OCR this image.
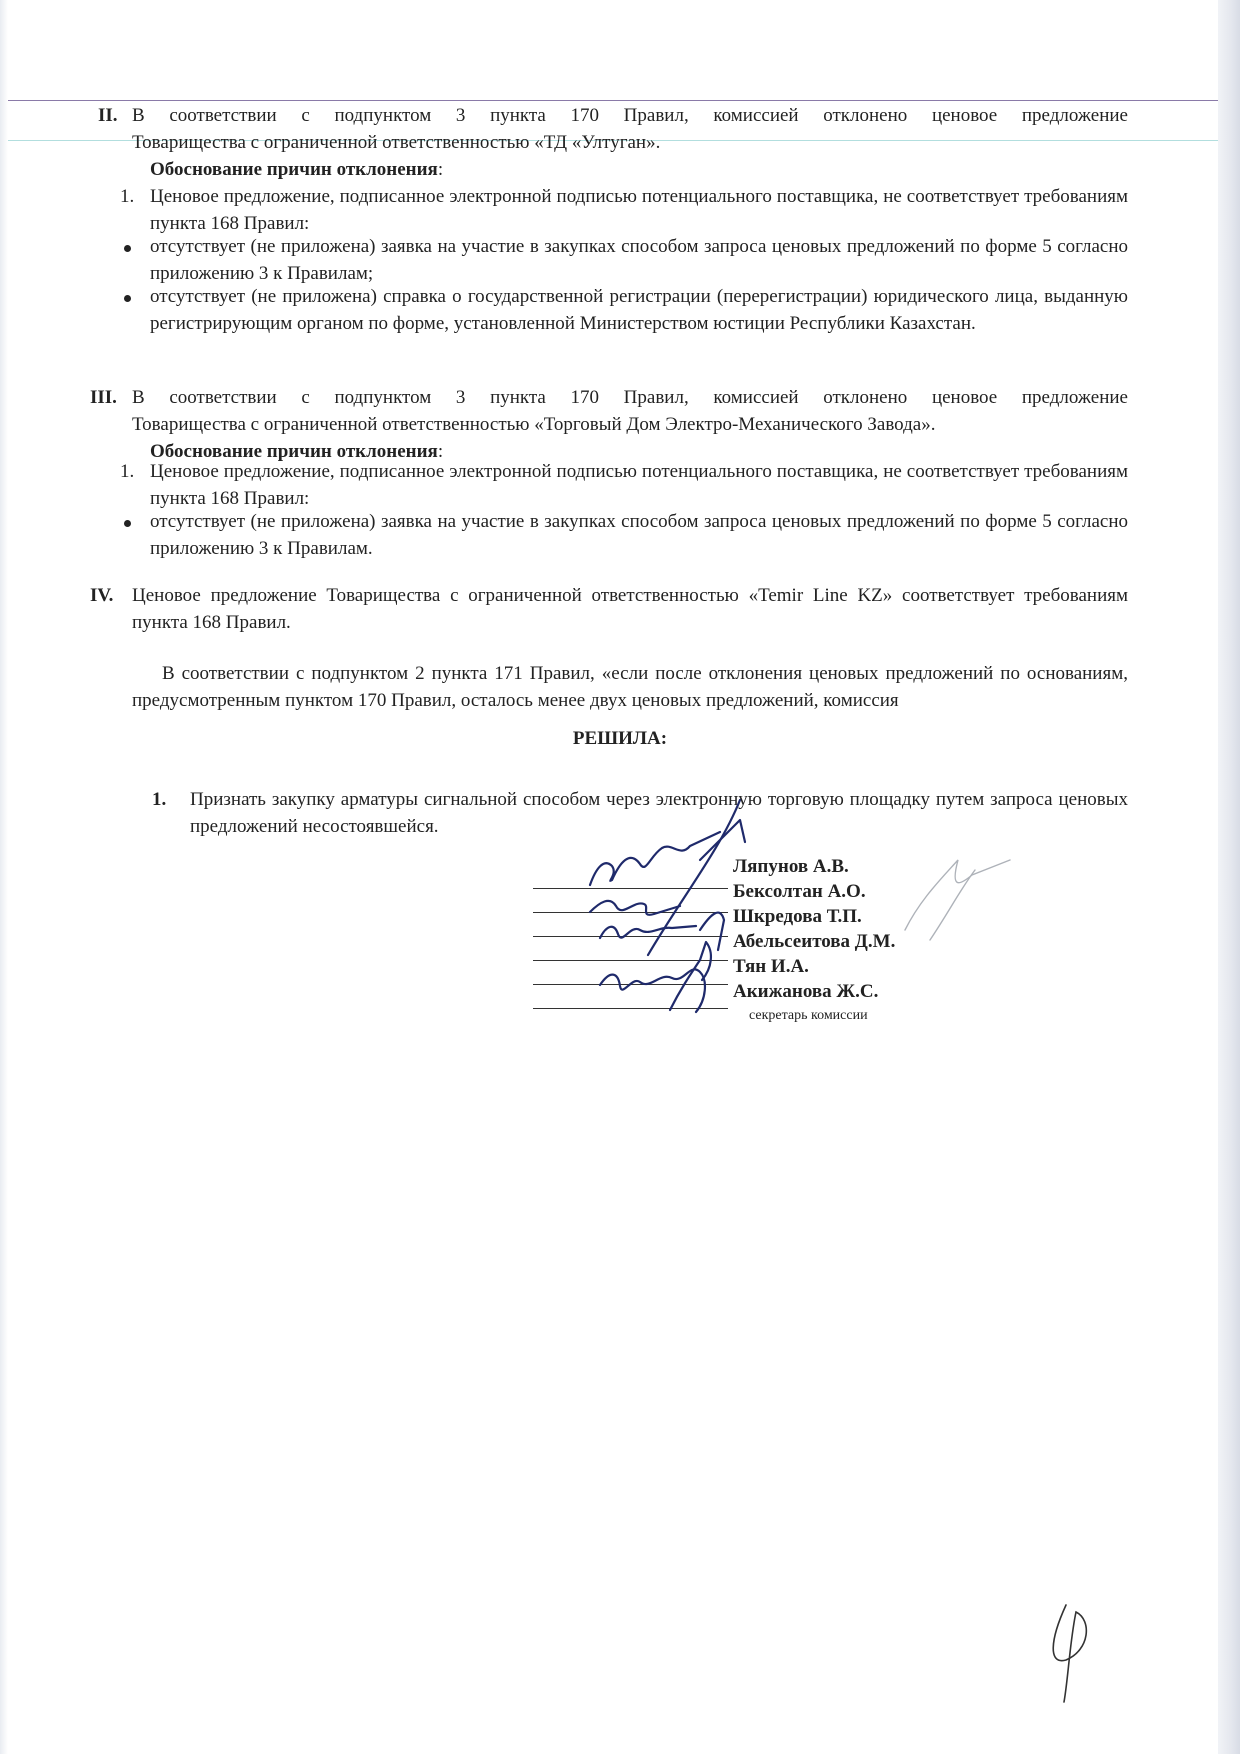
II. В соответствии с подпунктом 3 пункта 170 Правил, комиссией отклонено ценовое предложение
Товарищества с ограниченной ответственностью «ТД «Ултуган».
Обоснование причин отклонения:
1. Ценовое предложение, подписанное электронной подписью потенциального поставщика, не соответствует требованиям пункта 168 Правил:
отсутствует (не приложена) заявка на участие в закупках способом запроса ценовых предложений по форме 5 согласно приложению 3 к Правилам;
отсутствует (не приложена) справка о государственной регистрации (перерегистрации) юридического лица, выданную регистрирующим органом по форме, установленной Министерством юстиции Республики Казахстан.
III. В соответствии с подпунктом 3 пункта 170 Правил, комиссией отклонено ценовое предложение
Товарищества с ограниченной ответственностью «Торговый Дом Электро-Механического Завода».
Обоснование причин отклонения:
1. Ценовое предложение, подписанное электронной подписью потенциального поставщика, не соответствует требованиям пункта 168 Правил:
отсутствует (не приложена) заявка на участие в закупках способом запроса ценовых предложений по форме 5 согласно приложению 3 к Правилам.
IV. Ценовое предложение Товарищества с ограниченной ответственностью «Temir Line KZ» соответствует требованиям пункта 168 Правил.
В соответствии с подпунктом 2 пункта 171 Правил, «если после отклонения ценовых предложений по основаниям, предусмотренным пунктом 170 Правил, осталось менее двух ценовых предложений, комиссия
РЕШИЛА:
1. Признать закупку арматуры сигнальной способом через электронную торговую площадку путем запроса ценовых предложений несостоявшейся.
Ляпунов А.В.
Бексолтан А.О.
Шкредова Т.П.
Абельсеитова Д.М.
Тян И.А.
Акижанова Ж.С.
секретарь комиссии
